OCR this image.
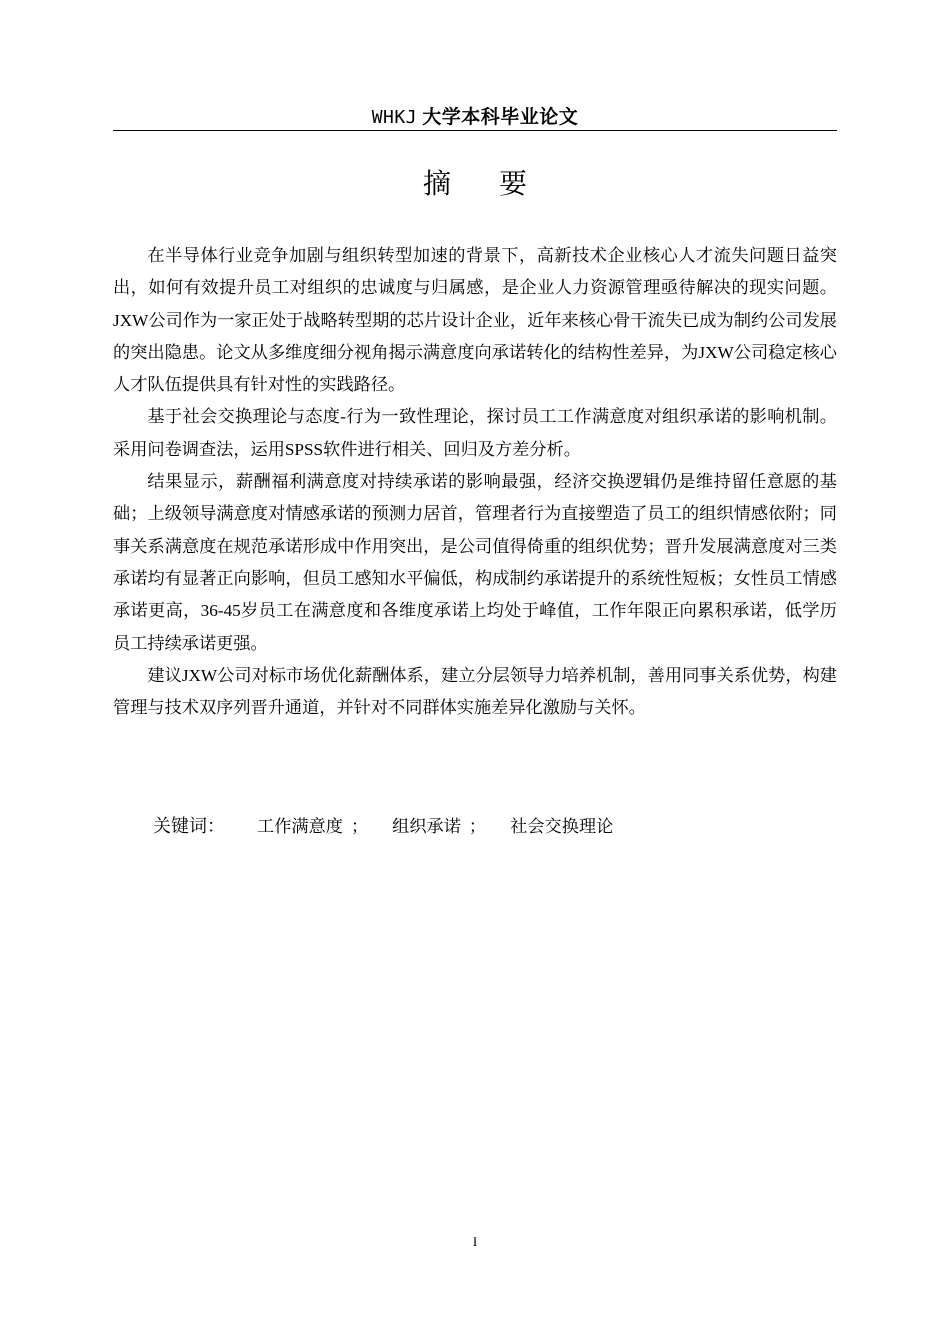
WHKJ 大学本科毕业论文
摘要

在半导体行业竞争加剧与组织转型加速的背景下，高新技术企业核心人才流失问题日益突出，如何有效提升员工对组织的忠诚度与归属感，是企业人力资源管理亟待解决的现实问题。JXW公司作为一家正处于战略转型期的芯片设计企业，近年来核心骨干流失已成为制约公司发展的突出隐患。论文从多维度细分视角揭示满意度向承诺转化的结构性差异，为JXW公司稳定核心人才队伍提供具有针对性的实践路径。

基于社会交换理论与态度-行为一致性理论，探讨员工工作满意度对组织承诺的影响机制。采用问卷调查法，运用SPSS软件进行相关、回归及方差分析。

结果显示，薪酬福利满意度对持续承诺的影响最强，经济交换逻辑仍是维持留任意愿的基础；上级领导满意度对情感承诺的预测力居首，管理者行为直接塑造了员工的组织情感依附；同事关系满意度在规范承诺形成中作用突出，是公司值得倚重的组织优势；晋升发展满意度对三类承诺均有显著正向影响，但员工感知水平偏低，构成制约承诺提升的系统性短板；女性员工情感承诺更高，36-45岁员工在满意度和各维度承诺上均处于峰值，工作年限正向累积承诺，低学历员工持续承诺更强。

建议JXW公司对标市场优化薪酬体系，建立分层领导力培养机制，善用同事关系优势，构建管理与技术双序列晋升通道，并针对不同群体实施差异化激励与关怀。

关键词： 工作满意度 ； 组织承诺 ； 社会交换理论
I
